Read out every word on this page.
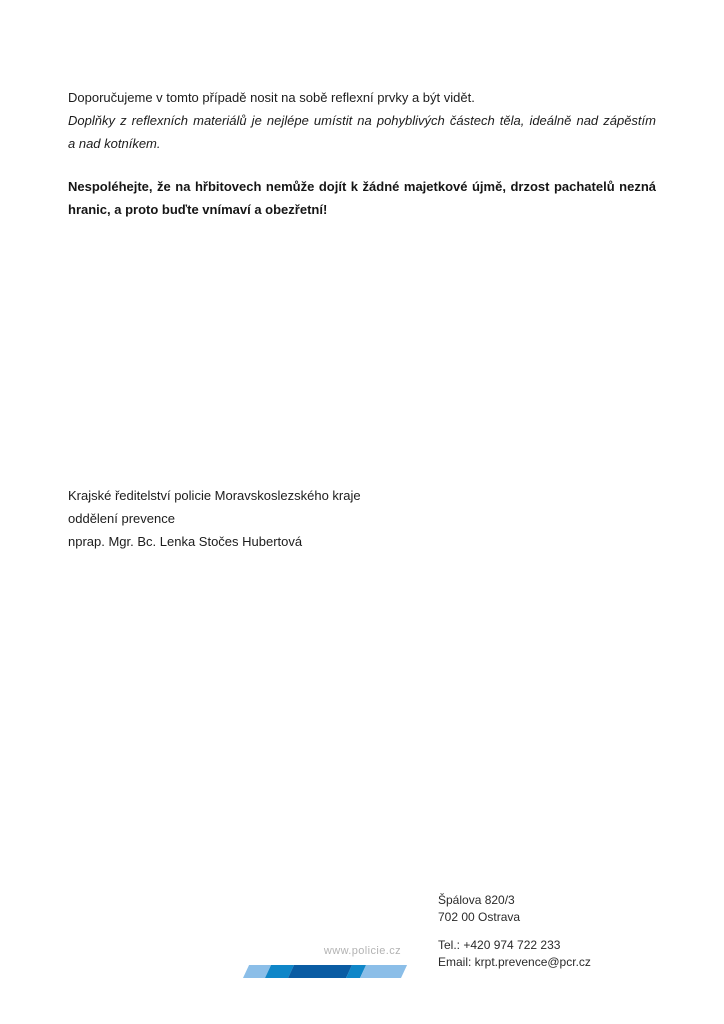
Doporučujeme v tomto případě nosit na sobě reflexní prvky a být vidět.

Doplňky z reflexních materiálů je nejlépe umístit na pohyblivých částech těla, ideálně nad zápěstím
a nad kotníkem.

Nespoléhejte, že na hřbitovech nemůže dojít k žádné majetkové újmě, drzost pachatelů nezná
hranic, a proto buďte vnímaví a obezřetní!

Krajské ředitelství policie Moravskoslezského kraje
oddělení prevence
nprap. Mgr. Bc. Lenka Stočes Hubertová
Špálova 820/3
702 00 Ostrava
Tel.: +420 974 722 233
Email: krpt.prevence@pcr.cz
www.policie.cz
